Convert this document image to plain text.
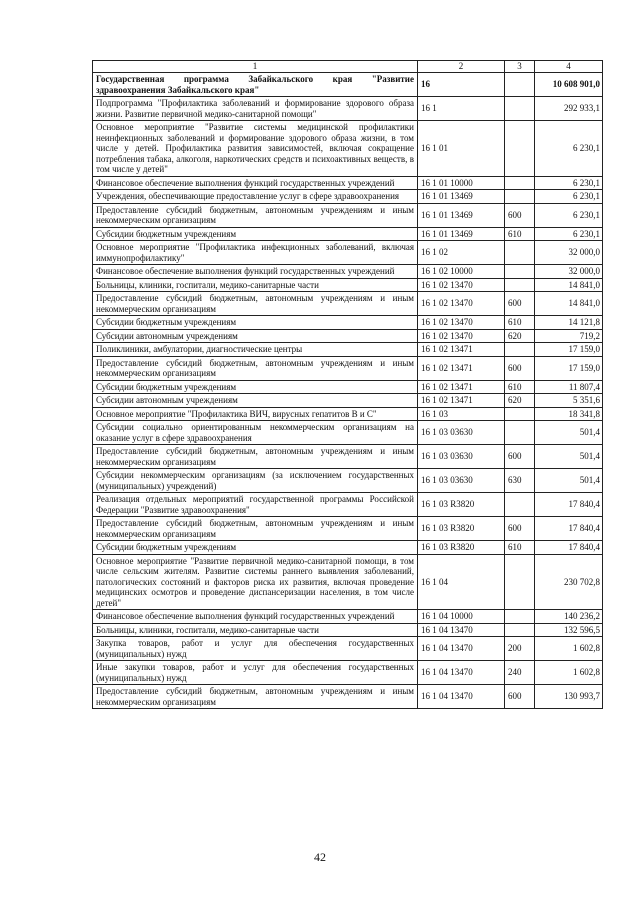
1	2	3	4
Государственная программа Забайкальского края "Развитие здравоохранения Забайкальского края"	16		10 608 901,0
Подпрограмма "Профилактика заболеваний и формирование здорового образа жизни. Развитие первичной медико-санитарной помощи"	16 1		292 933,1
Основное мероприятие "Развитие системы медицинской профилактики неинфекционных заболеваний и формирование здорового образа жизни, в том числе у детей. Профилактика развития зависимостей, включая сокращение потребления табака, алкоголя, наркотических средств и психоактивных веществ, в том числе у детей"	16 1 01		6 230,1
Финансовое обеспечение выполнения функций государственных учреждений	16 1 01 10000		6 230,1
Учреждения, обеспечивающие предоставление услуг в сфере здравоохранения	16 1 01 13469		6 230,1
Предоставление субсидий бюджетным, автономным учреждениям и иным некоммерческим организациям	16 1 01 13469	600	6 230,1
Субсидии бюджетным учреждениям	16 1 01 13469	610	6 230,1
Основное мероприятие "Профилактика инфекционных заболеваний, включая иммунопрофилактику"	16 1 02		32 000,0
Финансовое обеспечение выполнения функций государственных учреждений	16 1 02 10000		32 000,0
Больницы, клиники, госпитали, медико-санитарные части	16 1 02 13470		14 841,0
Предоставление субсидий бюджетным, автономным учреждениям и иным некоммерческим организациям	16 1 02 13470	600	14 841,0
Субсидии бюджетным учреждениям	16 1 02 13470	610	14 121,8
Субсидии автономным учреждениям	16 1 02 13470	620	719,2
Поликлиники, амбулатории, диагностические центры	16 1 02 13471		17 159,0
Предоставление субсидий бюджетным, автономным учреждениям и иным некоммерческим организациям	16 1 02 13471	600	17 159,0
Субсидии бюджетным учреждениям	16 1 02 13471	610	11 807,4
Субсидии автономным учреждениям	16 1 02 13471	620	5 351,6
Основное мероприятие "Профилактика ВИЧ, вирусных гепатитов В и С"	16 1 03		18 341,8
Субсидии социально ориентированным некоммерческим организациям на оказание услуг в сфере здравоохранения	16 1 03 03630		501,4
Предоставление субсидий бюджетным, автономным учреждениям и иным некоммерческим организациям	16 1 03 03630	600	501,4
Субсидии некоммерческим организациям (за исключением государственных (муниципальных) учреждений)	16 1 03 03630	630	501,4
Реализация отдельных мероприятий государственной программы Российской Федерации "Развитие здравоохранения"	16 1 03 R3820		17 840,4
Предоставление субсидий бюджетным, автономным учреждениям и иным некоммерческим организациям	16 1 03 R3820	600	17 840,4
Субсидии бюджетным учреждениям	16 1 03 R3820	610	17 840,4
Основное мероприятие "Развитие первичной медико-санитарной помощи, в том числе сельским жителям. Развитие системы раннего выявления заболеваний, патологических состояний и факторов риска их развития, включая проведение медицинских осмотров и проведение диспансеризации населения, в том числе детей"	16 1 04		230 702,8
Финансовое обеспечение выполнения функций государственных учреждений	16 1 04 10000		140 236,2
Больницы, клиники, госпитали, медико-санитарные части	16 1 04 13470		132 596,5
Закупка товаров, работ и услуг для обеспечения государственных (муниципальных) нужд	16 1 04 13470	200	1 602,8
Иные закупки товаров, работ и услуг для обеспечения государственных (муниципальных) нужд	16 1 04 13470	240	1 602,8
Предоставление субсидий бюджетным, автономным учреждениям и иным некоммерческим организациям	16 1 04 13470	600	130 993,7
42
